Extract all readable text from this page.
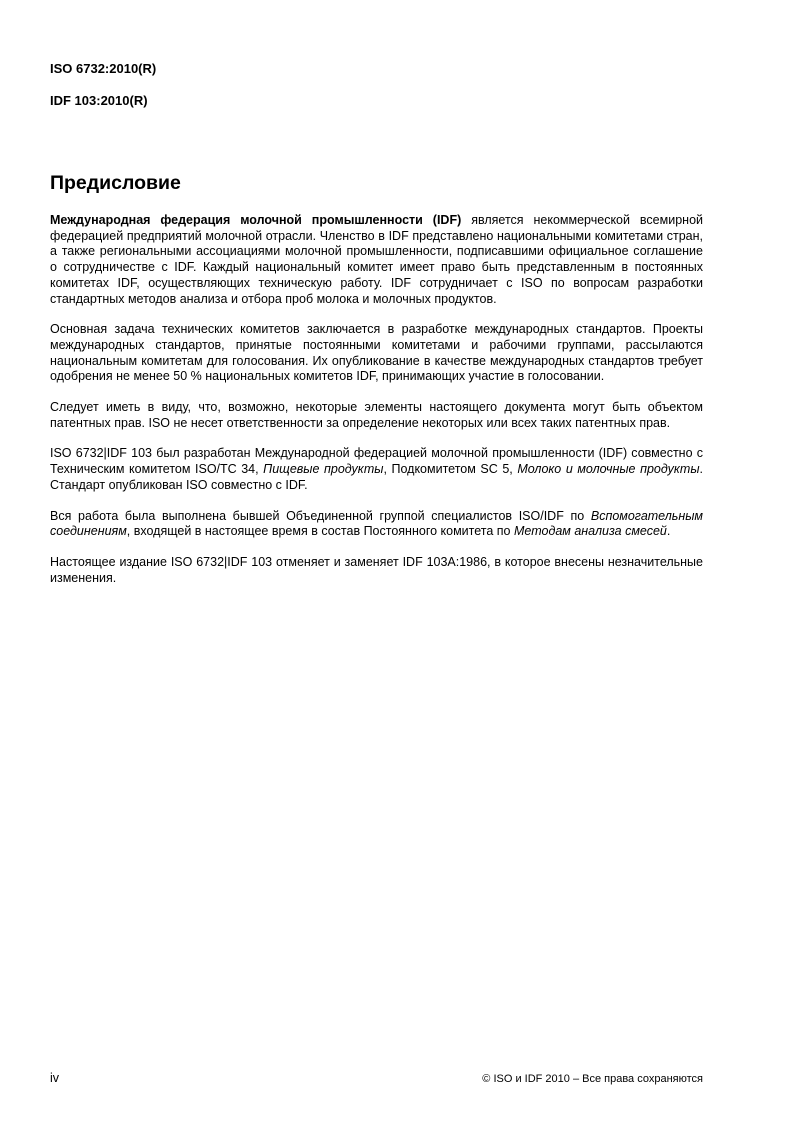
ISO 6732:2010(R)

IDF 103:2010(R)

Предисловие

Международная федерация молочной промышленности (IDF) является некоммерческой всемирной федерацией предприятий молочной отрасли. Членство в IDF представлено национальными комитетами стран, а также региональными ассоциациями молочной промышленности, подписавшими официальное соглашение о сотрудничестве с IDF. Каждый национальный комитет имеет право быть представленным в постоянных комитетах IDF, осуществляющих техническую работу. IDF сотрудничает с ISO по вопросам разработки стандартных методов анализа и отбора проб молока и молочных продуктов.

Основная задача технических комитетов заключается в разработке международных стандартов. Проекты международных стандартов, принятые постоянными комитетами и рабочими группами, рассылаются национальным комитетам для голосования. Их опубликование в качестве международных стандартов требует одобрения не менее 50 % национальных комитетов IDF, принимающих участие в голосовании.

Следует иметь в виду, что, возможно, некоторые элементы настоящего документа могут быть объектом патентных прав. ISO не несет ответственности за определение некоторых или всех таких патентных прав.

ISO 6732|IDF 103 был разработан Международной федерацией молочной промышленности (IDF) совместно с Техническим комитетом ISO/TC 34, Пищевые продукты, Подкомитетом SC 5, Молоко и молочные продукты. Стандарт опубликован ISO совместно с IDF.

Вся работа была выполнена бывшей Объединенной группой специалистов ISO/IDF по Вспомогательным соединениям, входящей в настоящее время в состав Постоянного комитета по Методам анализа смесей.

Настоящее издание ISO 6732|IDF 103 отменяет и заменяет IDF 103A:1986, в которое внесены незначительные изменения.

iv	© ISO и IDF 2010 – Все права сохраняются
